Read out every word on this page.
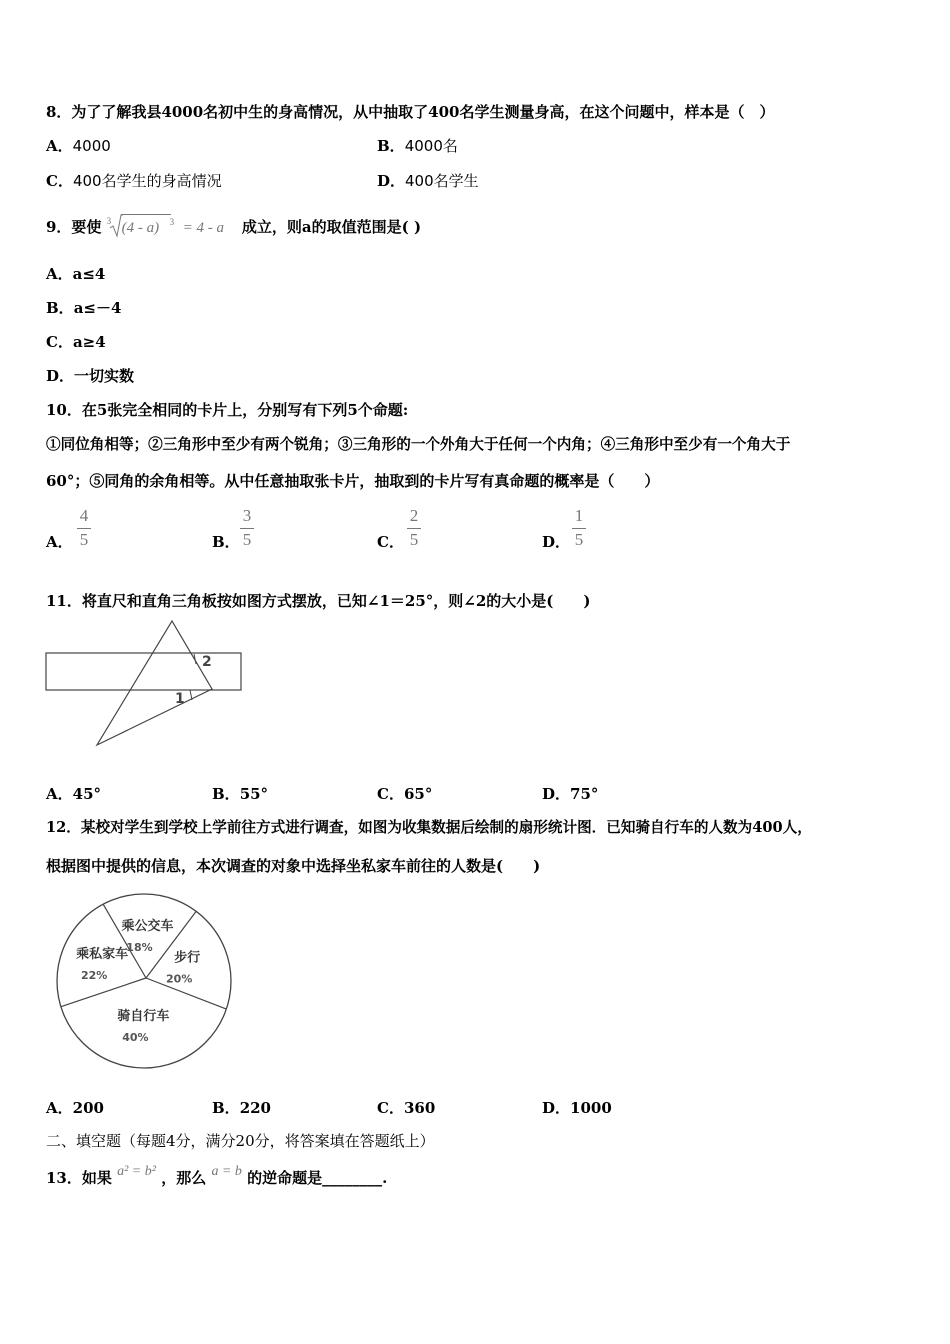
8．为了了解我县4000名初中生的身高情况，从中抽取了400名学生测量身高，在这个问题中，样本是（　）
A．4000	B．4000名
C．400名学生的身高情况	D．400名学生
9．要使 3 (4 - a) 3 = 4 - a 成立，则a的取值范围是( )
A．a≤4
B．a≤－4
C．a≥4
D．一切实数
10．在5张完全相同的卡片上，分别写有下列5个命题:
①同位角相等；②三角形中至少有两个锐角；③三角形的一个外角大于任何一个内角；④三角形中至少有一个角大于
60°；⑤同角的余角相等。从中任意抽取张卡片，抽取到的卡片写有真命题的概率是（　　）
A．
4
5	B．
3
5	C．
2
5	D．
1
5
11．将直尺和直角三角板按如图方式摆放，已知∠1＝25°，则∠2的大小是(　　)
2
1
A．45°	B．55°	C．65°	D．75°
12．某校对学生到学校上学前往方式进行调查，如图为收集数据后绘制的扇形统计图．已知骑自行车的人数为400人，
根据图中提供的信息，本次调查的对象中选择坐私家车前往的人数是(　　)
乘公交车
18%
步行
20%
骑自行车
40%
乘私家车
22%
A．200	B．220	C．360	D．1000
二、填空题（每题4分，满分20分，将答案填在答题纸上）
13．如果 a² = b² ，那么 a = b 的逆命题是________.
